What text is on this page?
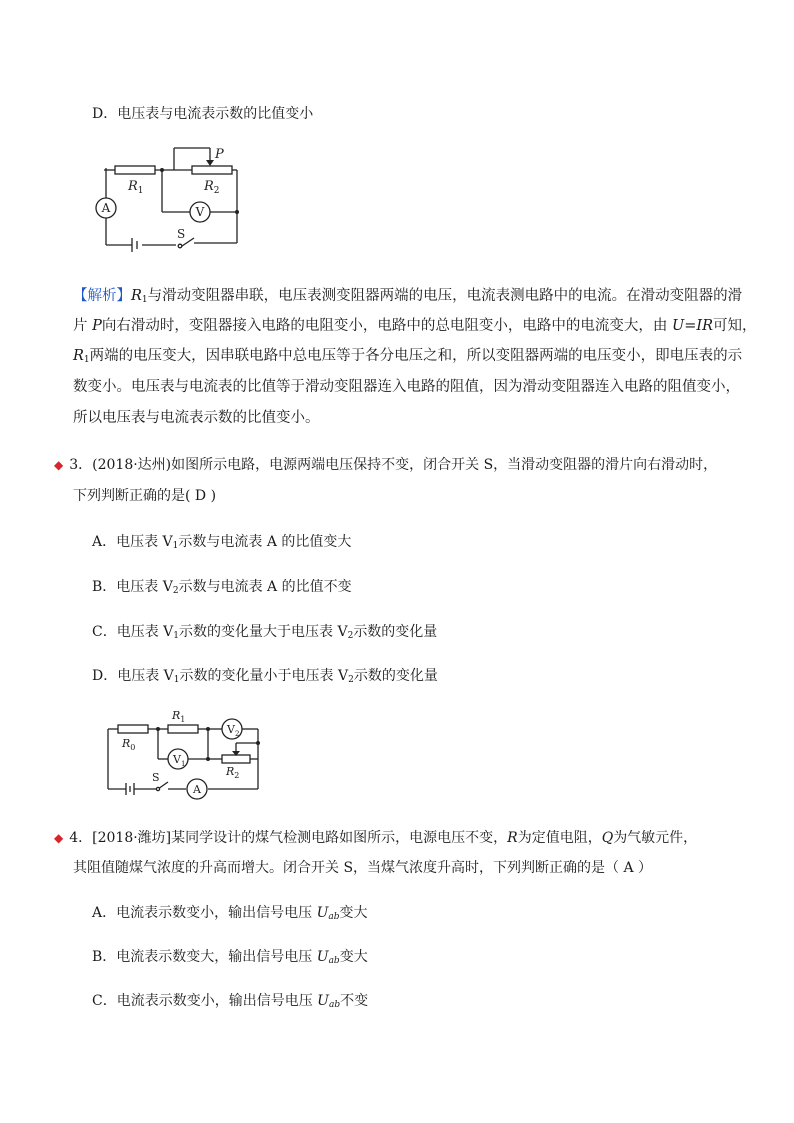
D．电压表与电流表示数的比值变小
A	V
S
P
$R_1$	$R_2$
【解析】$R_1$与滑动变阻器串联，电压表测变阻器两端的电压，电流表测电路中的电流。在滑动变阻器的滑
片 P向右滑动时，变阻器接入电路的电阻变小，电路中的总电阻变小，电路中的电流变大，由 U=IR可知，
$R_1$两端的电压变大，因串联电路中总电压等于各分电压之和，所以变阻器两端的电压变小，即电压表的示
数变小。电压表与电流表的比值等于滑动变阻器连入电路的阻值，因为滑动变阻器连入电路的阻值变小，
所以电压表与电流表示数的比值变小。
◆ 3．(2018·达州)如图所示电路，电源两端电压保持不变，闭合开关 S，当滑动变阻器的滑片向右滑动时，
下列判断正确的是( D )
A．电压表 $V_1$示数与电流表 A 的比值变大
B．电压表 $V_2$示数与电流表 A 的比值不变
C．电压表 $V_1$示数的变化量大于电压表 $V_2$示数的变化量
D．电压表 $V_1$示数的变化量小于电压表 $V_2$示数的变化量
$R_0$
$R_1$
$R_2$
$V_1$
$V_2$
A
S
◆ 4．[2018·潍坊]某同学设计的煤气检测电路如图所示，电源电压不变，R为定值电阻，Q为气敏元件，
其阻值随煤气浓度的升高而增大。闭合开关 S，当煤气浓度升高时，下列判断正确的是（ A ）
A．电流表示数变小，输出信号电压 $U_{ab}$变大
B．电流表示数变大，输出信号电压 $U_{ab}$变大
C．电流表示数变小，输出信号电压 $U_{ab}$不变
